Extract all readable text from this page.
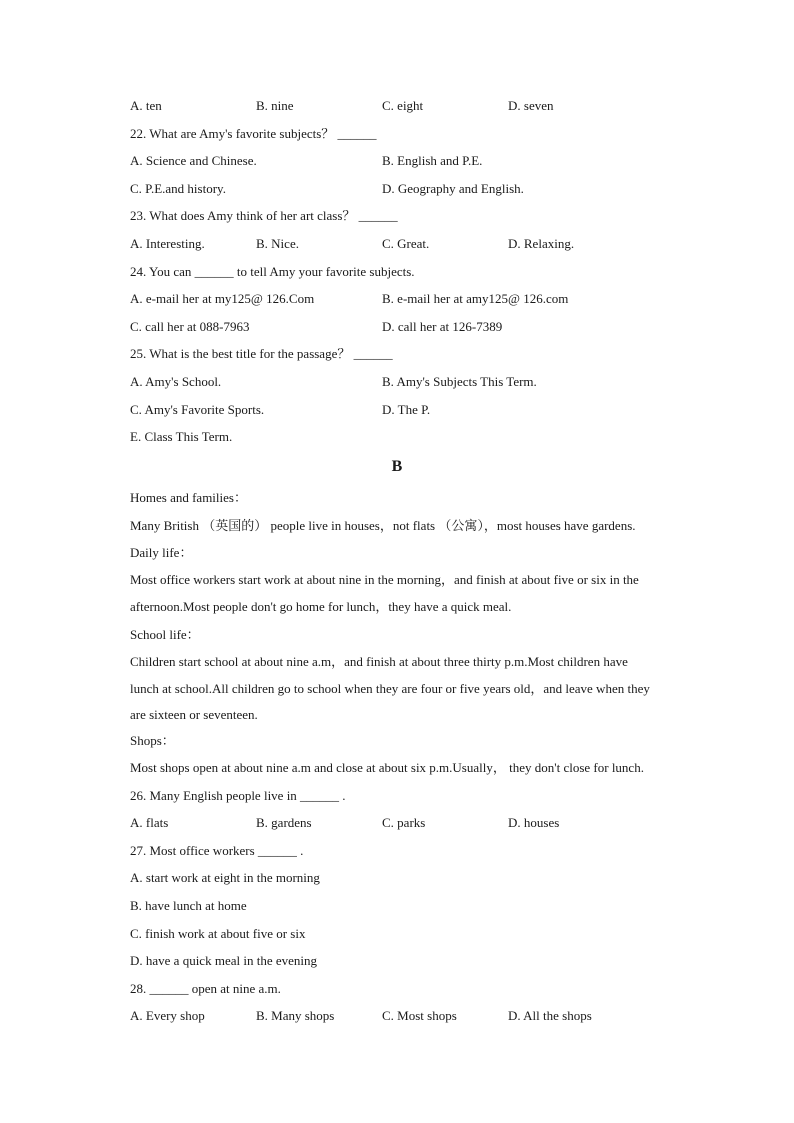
A. ten	B. nine	C. eight	D. seven
22. What are Amy's favorite subjects？ ______
A. Science and Chinese.	B. English and P.E.
C. P.E.and history.	D. Geography and English.
23. What does Amy think of her art class？ ______
A. Interesting.	B. Nice.	C. Great.	D. Relaxing.
24. You can ______ to tell Amy your favorite subjects.
A. e-mail her at my125@ 126.Com	B. e-mail her at amy125@ 126.com
C. call her at 088-7963	D. call her at 126-7389
25. What is the best title for the passage？ ______
A. Amy's School.	B. Amy's Subjects This Term.
C. Amy's Favorite Sports.	D. The P.
E. Class This Term.
B
Homes and families：
Many British （英国的） people live in houses，not flats （公寓），most houses have gardens.
Daily life：
Most office workers start work at about nine in the morning，and finish at about five or six in the
afternoon.Most people don't go home for lunch，they have a quick meal.
School life：
Children start school at about nine a.m，and finish at about three thirty p.m.Most children have
lunch at school.All children go to school when they are four or five years old，and leave when they
are sixteen or seventeen.
Shops：
Most shops open at about nine a.m and close at about six p.m.Usually， they don't close for lunch.
26. Many English people live in ______ .
A. flats	B. gardens	C. parks	D. houses
27. Most office workers ______ .
A. start work at eight in the morning
B. have lunch at home
C. finish work at about five or six
D. have a quick meal in the evening
28. ______ open at nine a.m.
A. Every shop	B. Many shops	C. Most shops	D. All the shops
